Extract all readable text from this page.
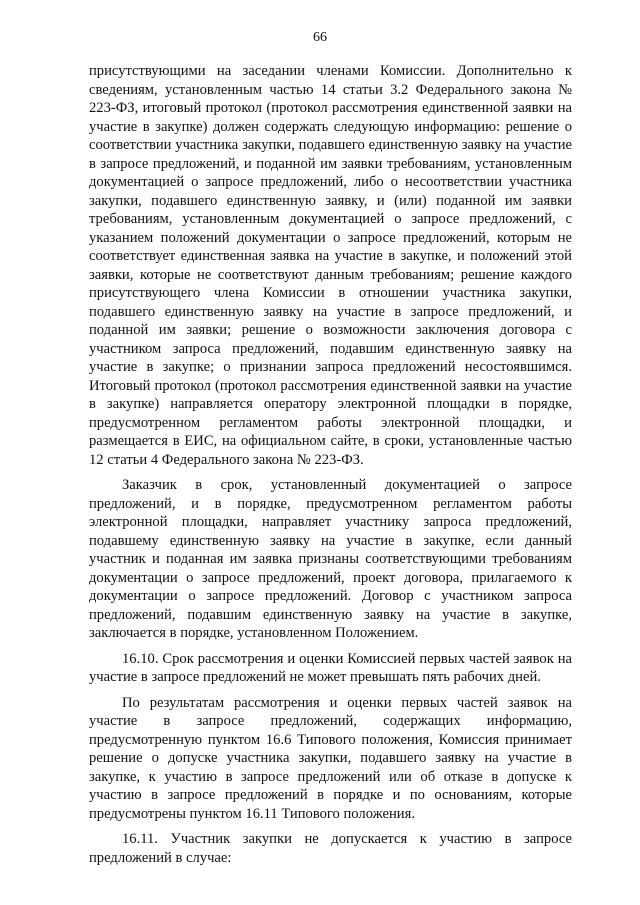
66

присутствующими на заседании членами Комиссии. Дополнительно к сведениям, установленным частью 14 статьи 3.2 Федерального закона № 223-ФЗ, итоговый протокол (протокол рассмотрения единственной заявки на участие в закупке) должен содержать следующую информацию: решение о соответствии участника закупки, подавшего единственную заявку на участие в запросе предложений, и поданной им заявки требованиям, установленным документацией о запросе предложений, либо о несоответствии участника закупки, подавшего единственную заявку, и (или) поданной им заявки требованиям, установленным документацией о запросе предложений, с указанием положений документации о запросе предложений, которым не соответствует единственная заявка на участие в закупке, и положений этой заявки, которые не соответствуют данным требованиям; решение каждого присутствующего члена Комиссии в отношении участника закупки, подавшего единственную заявку на участие в запросе предложений, и поданной им заявки; решение о возможности заключения договора с участником запроса предложений, подавшим единственную заявку на участие в закупке; о признании запроса предложений несостоявшимся. Итоговый протокол (протокол рассмотрения единственной заявки на участие в закупке) направляется оператору электронной площадки в порядке, предусмотренном регламентом работы электронной площадки, и размещается в ЕИС, на официальном сайте, в сроки, установленные частью 12 статьи 4 Федерального закона № 223-ФЗ.

Заказчик в срок, установленный документацией о запросе предложений, и в порядке, предусмотренном регламентом работы электронной площадки, направляет участнику запроса предложений, подавшему единственную заявку на участие в закупке, если данный участник и поданная им заявка признаны соответствующими требованиям документации о запросе предложений, проект договора, прилагаемого к документации о запросе предложений. Договор с участником запроса предложений, подавшим единственную заявку на участие в закупке, заключается в порядке, установленном Положением.

16.10. Срок рассмотрения и оценки Комиссией первых частей заявок на участие в запросе предложений не может превышать пять рабочих дней.

По результатам рассмотрения и оценки первых частей заявок на участие в запросе предложений, содержащих информацию, предусмотренную пунктом 16.6 Типового положения, Комиссия принимает решение о допуске участника закупки, подавшего заявку на участие в закупке, к участию в запросе предложений или об отказе в допуске к участию в запросе предложений в порядке и по основаниям, которые предусмотрены пунктом 16.11 Типового положения.

16.11. Участник закупки не допускается к участию в запросе предложений в случае:
